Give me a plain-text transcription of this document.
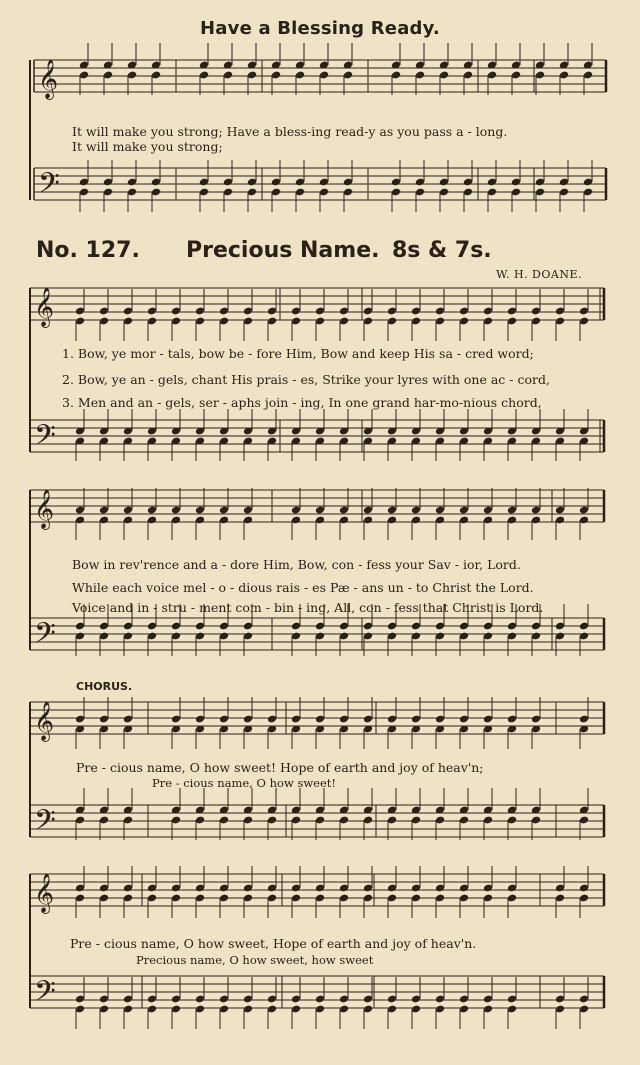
𝄞
𝄢
𝄞
𝄢
𝄞
𝄢
𝄞
𝄢
𝄞
𝄢
Have a Blessing Ready.
It will make you strong; Have a bless-ing read-y as you pass a - long.
It will make you strong;
No. 127. Precious Name. 8s & 7s.
W. H. DOANE.
1. Bow, ye mor - tals, bow be - fore Him, Bow and keep His sa - cred word;
2. Bow, ye an - gels, chant His prais - es, Strike your lyres with one ac - cord,
3. Men and an - gels, ser - aphs join - ing, In one grand har-mo-nious chord,
Bow in rev'rence and a - dore Him, Bow, con - fess your Sav - ior, Lord.
While each voice mel - o - dious rais - es Pæ - ans un - to Christ the Lord.
Voice and in - stru - ment com - bin - ing, All, con - fess that Christ is Lord.
CHORUS.
Pre - cious name, O how sweet! Hope of earth and joy of heav'n;
Pre - cious name, O how sweet!
Pre - cious name, O how sweet, Hope of earth and joy of heav'n.
Precious name, O how sweet, how sweet
